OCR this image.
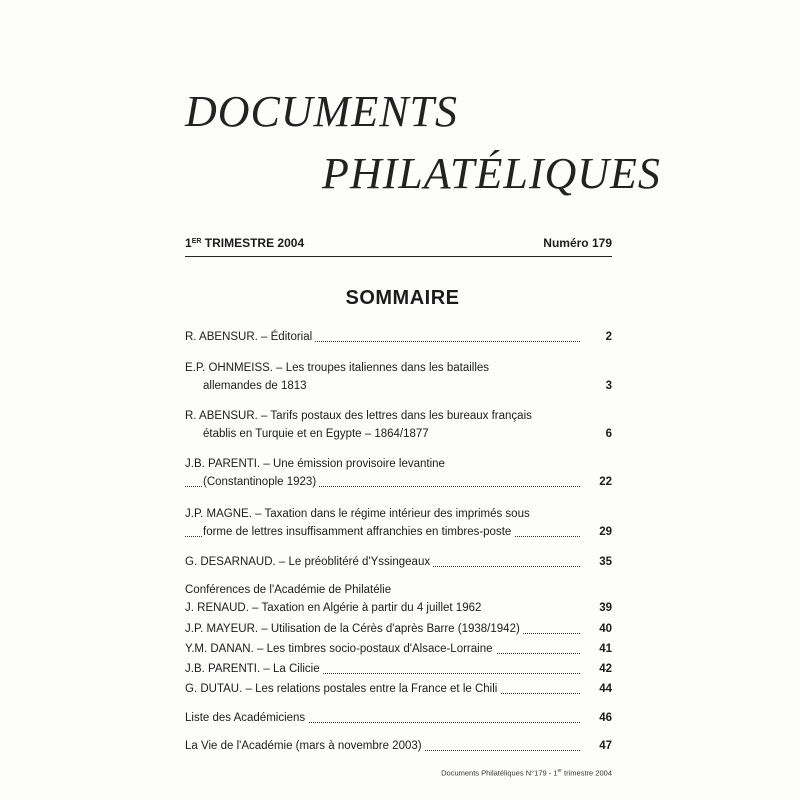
DOCUMENTS
PHILATÉLIQUES
1ER TRIMESTRE 2004	Numéro 179
SOMMAIRE
R. ABENSUR. – Éditorial	2
E.P. OHNMEISS. – Les troupes italiennes dans les batailles
allemandes de 1813	3
R. ABENSUR. – Tarifs postaux des lettres dans les bureaux français
établis en Turquie et en Egypte – 1864/1877	6
J.B. PARENTI. – Une émission provisoire levantine
(Constantinople 1923)	22
J.P. MAGNE. – Taxation dans le régime intérieur des imprimés sous
forme de lettres insuffisamment affranchies en timbres-poste	29
G. DESARNAUD. – Le préoblitéré d'Yssingeaux	35
Conférences de l'Académie de Philatélie
J. RENAUD. – Taxation en Algérie à partir du 4 juillet 1962	39
J.P. MAYEUR. – Utilisation de la Cérès d'après Barre (1938/1942)	40
Y.M. DANAN. – Les timbres socio-postaux d'Alsace-Lorraine	41
J.B. PARENTI. – La Cilicie	42
G. DUTAU. – Les relations postales entre la France et le Chili	44
Liste des Académiciens	46
La Vie de l'Académie (mars à novembre 2003)	47
Documents Philatéliques N°179 - 1er trimestre 2004
